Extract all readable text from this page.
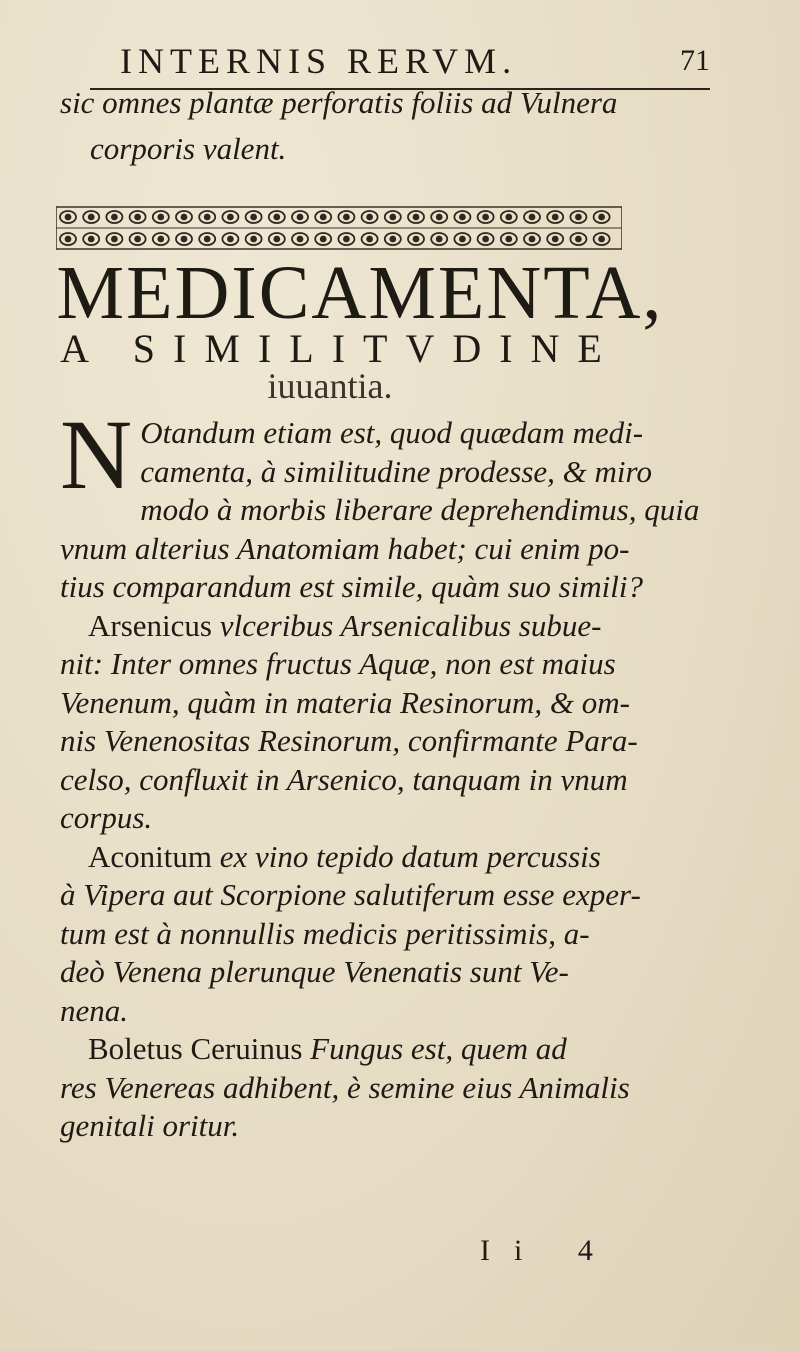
INTERNIS RERVM.	71

sic omnes plantæ perforatis foliis ad Vulnera

corporis valent.

MEDICAMENTA,
A SIMILITVDINE
iuuantia.

N Otandum etiam est, quod quædam medi-
camenta, à similitudine prodesse, & miro
modo à morbis liberare deprehendimus, quia
vnum alterius Anatomiam habet; cui enim po-
tius comparandum est simile, quàm suo simili?

Arsenicus vlceribus Arsenicalibus subue-

nit: Inter omnes fructus Aquæ, non est maius
Venenum, quàm in materia Resinorum, & om-
nis Venenositas Resinorum, confirmante Para-
celso, confluxit in Arsenico, tanquam in vnum
corpus.

Aconitum ex vino tepido datum percussis

à Vipera aut Scorpione salutiferum esse exper-
tum est à nonnullis medicis peritissimis, a-
deò Venena plerunque Venenatis sunt Ve-
nena.

Boletus Ceruinus Fungus est, quem ad

res Venereas adhibent, è semine eius Animalis
genitali oritur.

Ii 4
